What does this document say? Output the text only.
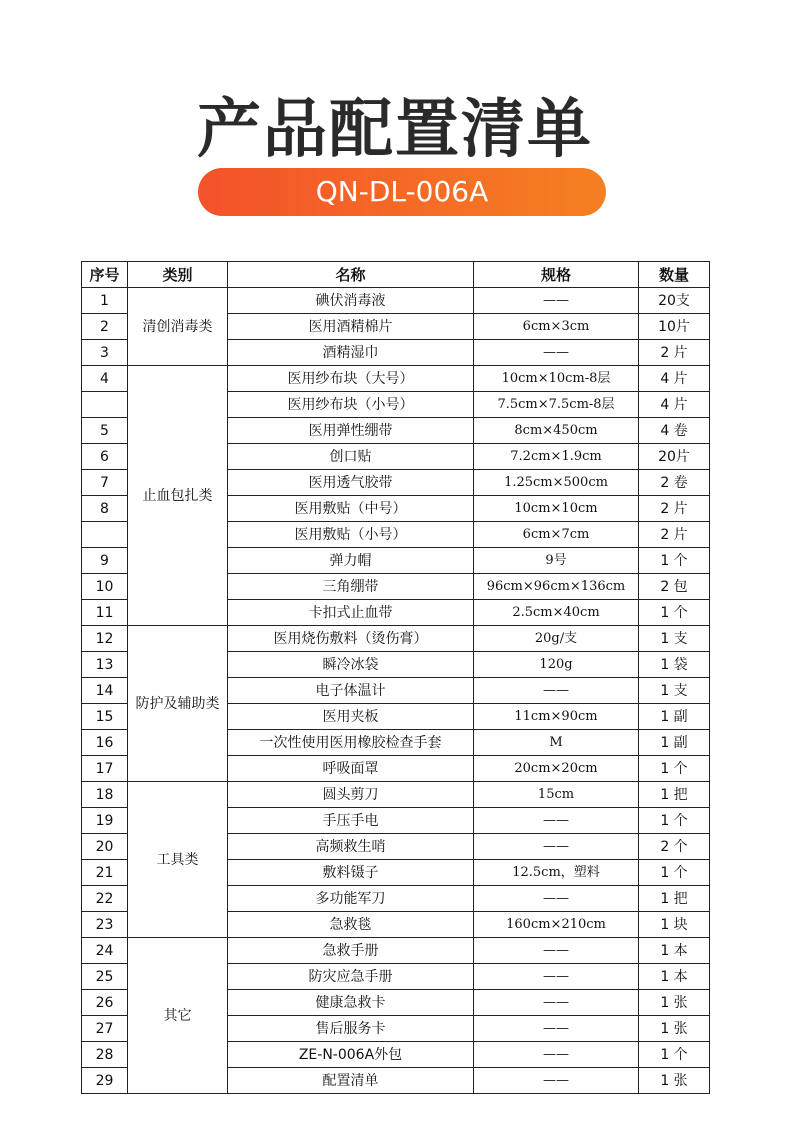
产品配置清单
QN-DL-006A
序号	类别	名称	规格	数量
1	清创消毒类	碘伏消毒液	——	20支
2		医用酒精棉片	6cm×3cm	10片
3		酒精湿巾	——	2 片
4	止血包扎类	医用纱布块（大号）	10cm×10cm-8层	4 片
		医用纱布块（小号）	7.5cm×7.5cm-8层	4 片
5		医用弹性绷带	8cm×450cm	4 卷
6		创口贴	7.2cm×1.9cm	20片
7		医用透气胶带	1.25cm×500cm	2 卷
8		医用敷贴（中号）	10cm×10cm	2 片
		医用敷贴（小号）	6cm×7cm	2 片
9		弹力帽	9号	1 个
10		三角绷带	96cm×96cm×136cm	2 包
11		卡扣式止血带	2.5cm×40cm	1 个
12	防护及辅助类	医用烧伤敷料（烫伤膏）	20g/支	1 支
13		瞬冷冰袋	120g	1 袋
14		电子体温计	——	1 支
15		医用夹板	11cm×90cm	1 副
16		一次性使用医用橡胶检查手套	M	1 副
17		呼吸面罩	20cm×20cm	1 个
18	工具类	圆头剪刀	15cm	1 把
19		手压手电	——	1 个
20		高频救生哨	——	2 个
21		敷料镊子	12.5cm，塑料	1 个
22		多功能军刀	——	1 把
23		急救毯	160cm×210cm	1 块
24	其它	急救手册	——	1 本
25		防灾应急手册	——	1 本
26		健康急救卡	——	1 张
27		售后服务卡	——	1 张
28		ZE-N-006A外包	——	1 个
29		配置清单	——	1 张
